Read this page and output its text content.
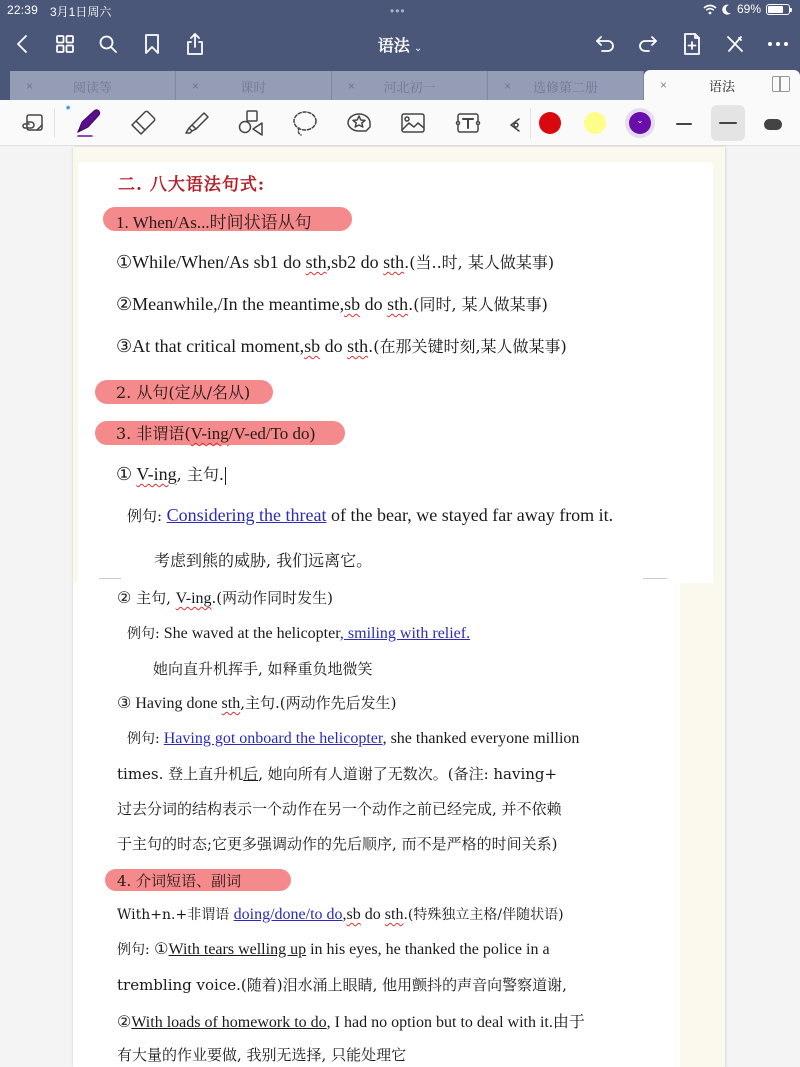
22:39 3月1日周六	•••	69%
语法 ⌄
×	阅读等	×	课时	× 河北初一	× 选修第二册	×	语法
*
⌄
二. 八大语法句式:
1. When/As...时间状语从句
①While/When/As sb1 do sth,sb2 do sth.(当..时, 某人做某事)
②Meanwhile,/In the meantime,sb do sth.(同时, 某人做某事)
③At that critical moment,sb do sth.(在那关键时刻,某人做某事)
2. 从句(定从/名从)
3. 非谓语(V-ing/V-ed/To do)
① V-ing, 主句.
例句: Considering the threat of the bear, we stayed far away from it.
考虑到熊的威胁, 我们远离它。
② 主句, V-ing.(两动作同时发生)
例句: She waved at the helicopter, smiling with relief.
她向直升机挥手, 如释重负地微笑
③ Having done sth,主句.(两动作先后发生)
例句: Having got onboard the helicopter, she thanked everyone million
times. 登上直升机后, 她向所有人道谢了无数次。(备注: having+
过去分词的结构表示一个动作在另一个动作之前已经完成, 并不依赖
于主句的时态;它更多强调动作的先后顺序, 而不是严格的时间关系)
4. 介词短语、副词
With+n.+非谓语 doing/done/to do,sb do sth.(特殊独立主格/伴随状语)
例句: ①With tears welling up in his eyes, he thanked the police in a
trembling voice.(随着)泪水涌上眼睛, 他用颤抖的声音向警察道谢,
②With loads of homework to do, I had no option but to deal with it.由于
有大量的作业要做, 我别无选择, 只能处理它
